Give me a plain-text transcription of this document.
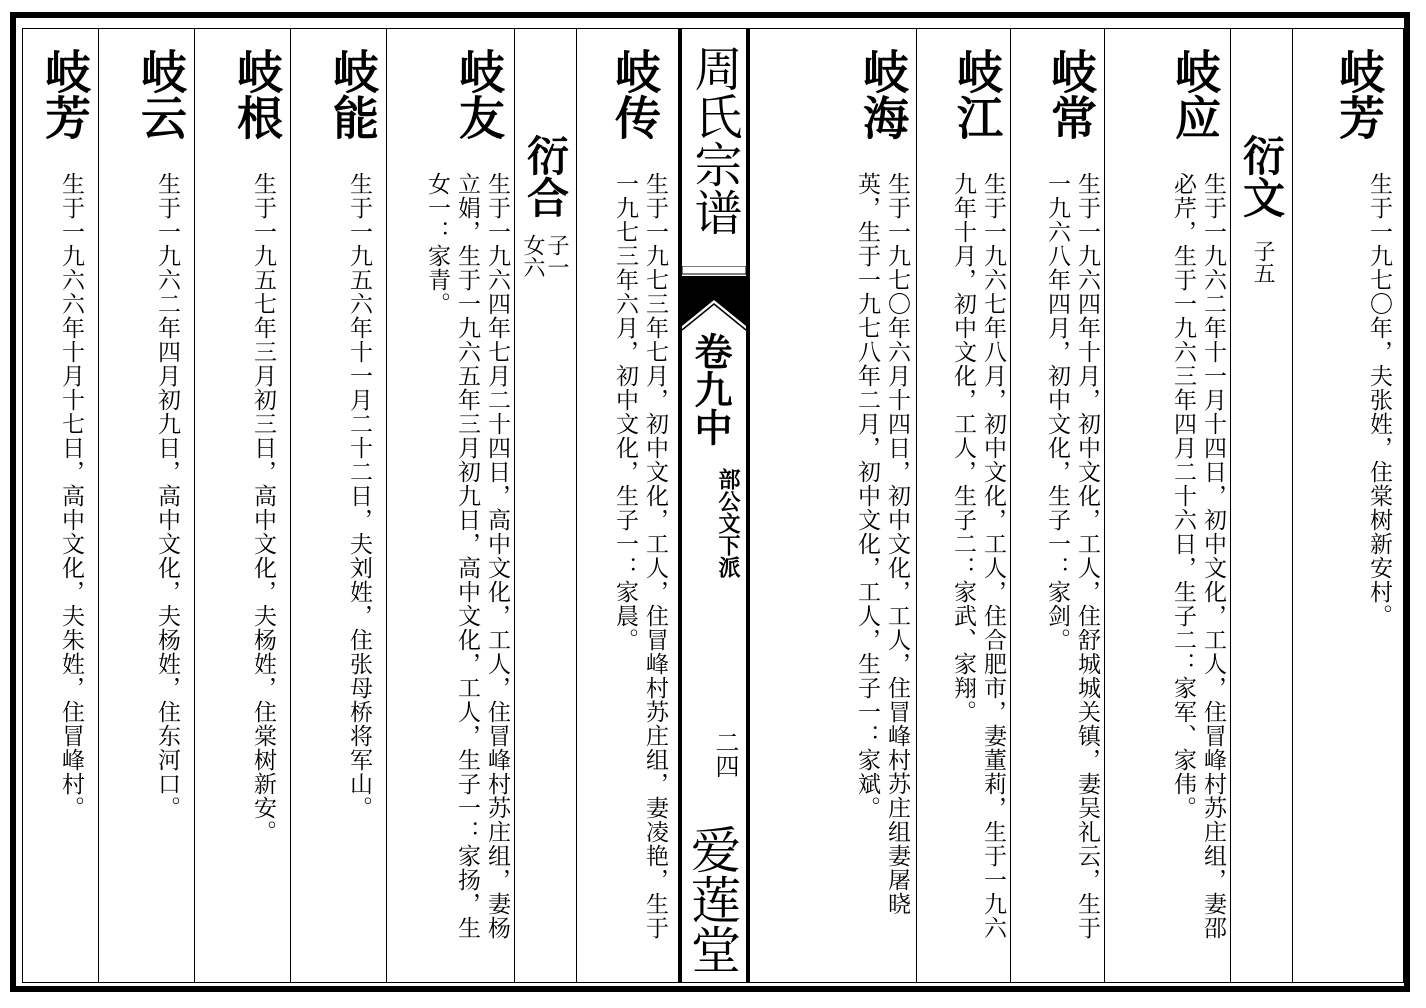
岐芳
生于一九六六年十月十七日，高中文化，夫朱姓，住冒峰村。
岐云
生于一九六二年四月初九日，高中文化，夫杨姓，住东河口。
岐根
生于一九五七年三月初三日，高中文化，夫杨姓，住棠树新安。
岐能
生于一九五六年十一月二十二日，夫刘姓，住张母桥将军山。
岐友
生于一九六四年七月二十四日，高中文化，工人，住冒峰村苏庄组，妻杨立娟，生于一九六五年三月初九日，高中文化，工人，生子一：家扬，生女一：家青。	衍合
子一女六
岐传
生于一九七三年七月，初中文化，工人，住冒峰村苏庄组，妻凌艳，生于一九七三年六月，初中文化，生子一：家晨。
周氏宗谱
卷九中
部公文下派
二四
爱莲堂
岐海
生于一九七〇年六月十四日，初中文化，工人，住冒峰村苏庄组妻屠晓英，生于一九七八年二月，初中文化，工人，生子一：家斌。
岐江
生于一九六七年八月，初中文化，工人，住合肥市，妻董莉，生于一九六九年十月，初中文化，工人，生子二：家武、家翔。
岐常
生于一九六四年十月，初中文化，工人，住舒城城关镇，妻吴礼云，生于一九六八年四月，初中文化，生子一：家剑。
岐应
生于一九六二年十一月十四日，初中文化，工人，住冒峰村苏庄组，妻邵必芹，生于一九六三年四月二十六日，生子二：家军、家伟。 衍文
子五
岐芳
生于一九七〇年，夫张姓，住棠树新安村。
